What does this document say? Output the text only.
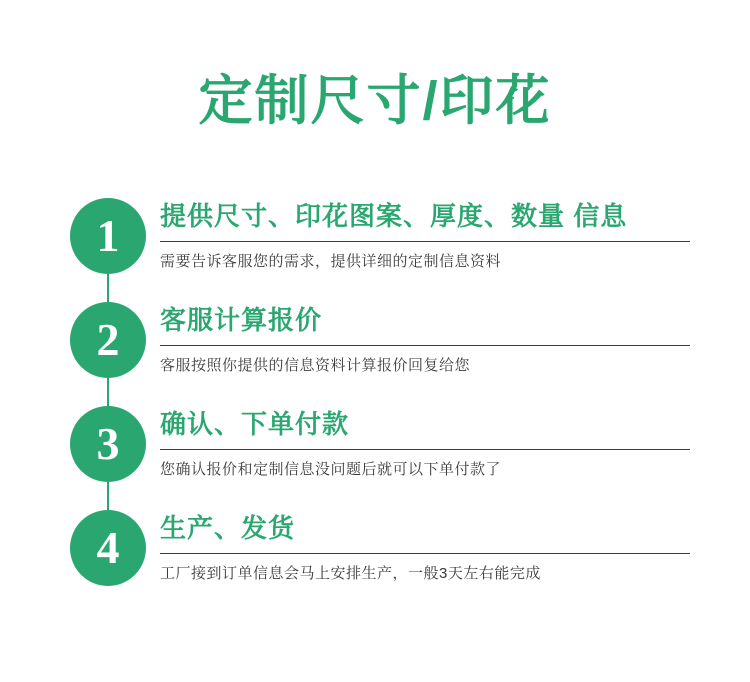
定制尺寸/印花
1	提供尺寸、印花图案、厚度、数量 信息
需要告诉客服您的需求，提供详细的定制信息资料
2	客服计算报价
客服按照你提供的信息资料计算报价回复给您
3	确认、下单付款
您确认报价和定制信息没问题后就可以下单付款了
4	生产、发货
工厂接到订单信息会马上安排生产，一般3天左右能完成
